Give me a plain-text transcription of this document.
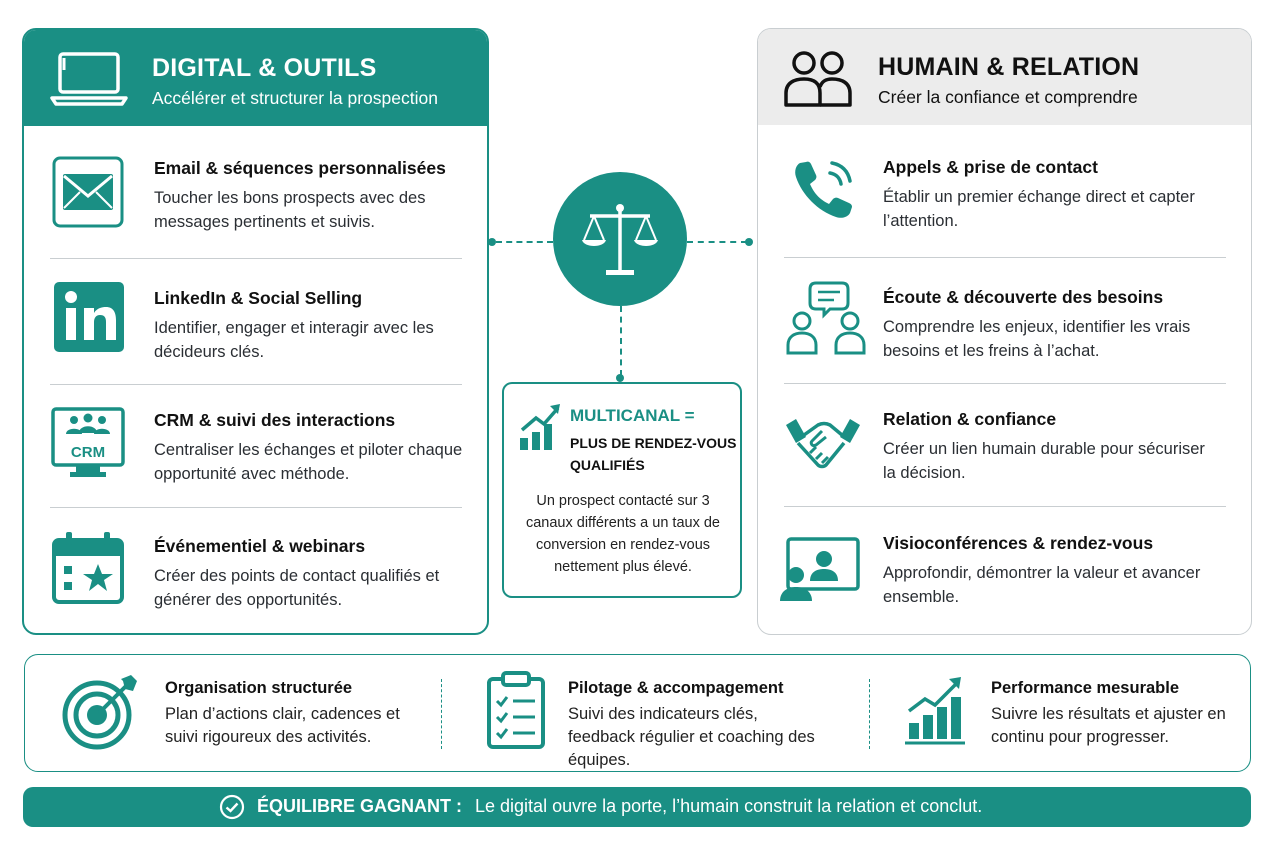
DIGITAL & OUTILS
Accélérer et structurer la prospection
Email & séquences personnalisées
Toucher les bons prospects avec des messages pertinents et suivis.
LinkedIn & Social Selling
Identifier, engager et interagir avec les décideurs clés.
CRM
CRM & suivi des interactions
Centraliser les échanges et piloter chaque opportunité avec méthode.
Événementiel & webinars
Créer des points de contact qualifiés et générer des opportunités.
HUMAIN & RELATION
Créer la confiance et comprendre
Appels & prise de contact
Établir un premier échange direct et capter l’attention.
Écoute & découverte des besoins
Comprendre les enjeux, identifier les vrais besoins et les freins à l’achat.
Relation & confiance
Créer un lien humain durable pour sécuriser la décision.
Visioconférences & rendez-vous
Approfondir, démontrer la valeur et avancer ensemble.
MULTICANAL =
PLUS DE RENDEZ-VOUS QUALIFIÉS
Un prospect contacté sur 3 canaux différents a un taux de conversion en rendez-vous nettement plus élevé.
Organisation structurée
Plan d’actions clair, cadences et suivi rigoureux des activités.
Pilotage & accompagement
Suivi des indicateurs clés, feedback régulier et coaching des équipes.
Performance mesurable
Suivre les résultats et ajuster en continu pour progresser.
ÉQUILIBRE GAGNANT : Le digital ouvre la porte, l’humain construit la relation et conclut.
